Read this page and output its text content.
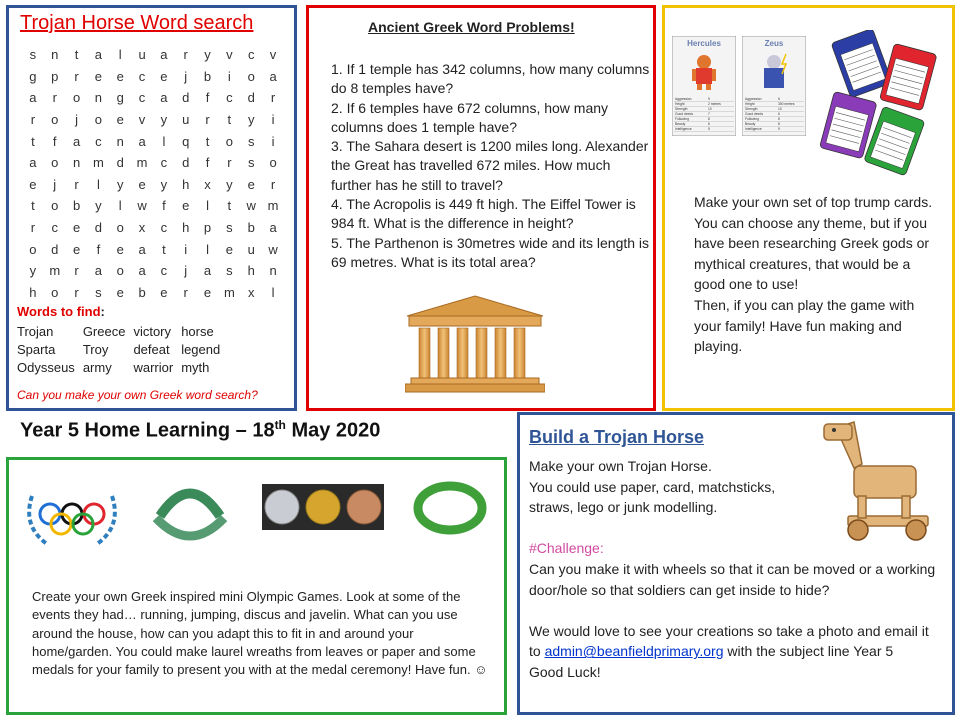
Trojan Horse Word search
s	n	t	a	l	u	a	r	y	v	c	v
g	p	r	e	e	c	e	j	b	i	o	a
a	r	o	n	g	c	a	d	f	c	d	r
r	o	j	o	e	v	y	u	r	t	y	i
t	f	a	c	n	a	l	q	t	o	s	i
a	o	n	m	d	m	c	d	f	r	s	o
e	j	r	l	y	e	y	h	x	y	e	r
t	o	b	y	l	w	f	e	l	t	w	m
r	c	e	d	o	x	c	h	p	s	b	a
o	d	e	f	e	a	t	i	l	e	u	w
y	m	r	a	o	a	c	j	a	s	h	n
h	o	r	s	e	b	e	r	e	m	x	l
Words to find:
Trojan	Greece	victory	horse
Sparta	Troy	defeat	legend
Odysseus	army	warrior	myth
Can you make your own Greek word search?
Ancient Greek Word Problems!
1. If 1 temple has 342 columns, how many columns do 8 temples have?
2. If 6 temples have 672 columns, how many columns does 1 temple have?
3. The Sahara desert is 1200 miles long. Alexander the Great has travelled 672 miles. How much further has he still to travel?
4. The Acropolis is 449 ft high. The Eiffel Tower is 984 ft. What is the difference in height?
5. The Parthenon is 30metres wide and its length is 69 metres. What is its total area?
Hercules
Aggression	9
Height	2 metres
Strength	10
Good deeds	7
Following	8
Beauty	6
Intelligence	5
Zeus
Aggression	6
Height	300 metres
Strength	10
Good deeds	6
Following	8
Beauty	8
Intelligence	9
Make your own set of top trump cards. You can choose any theme, but if you have been researching Greek gods or mythical creatures, that would be a good one to use!
Then, if you can play the game with your family! Have fun making and playing.
Year 5 Home Learning – 18th May 2020
Create your own Greek inspired mini Olympic Games. Look at some of the events they had… running, jumping, discus and javelin. What can you use around the house, how can you adapt this to fit in and around your home/garden. You could make laurel wreaths from leaves or paper and some medals for your family to present you with at the medal ceremony! Have fun. ☺
Build a Trojan Horse
Make your own Trojan Horse.
You could use paper, card, matchsticks,
straws, lego or junk modelling.
#Challenge:
Can you make it with wheels so that it can be moved or a working door/hole so that soldiers can get inside to hide?
We would love to see your creations so take a photo and email it to admin@beanfieldprimary.org with the subject line Year 5
Good Luck!
